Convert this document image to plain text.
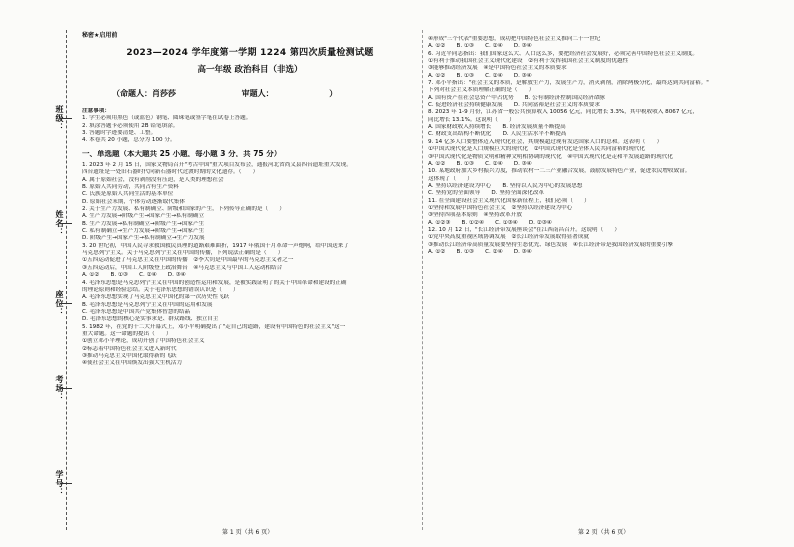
班级：
姓名：
座位：
考场：
学号：
秘密★启用前
2023—2024 学年度第一学期 1224 第四次质量检测试题
高一年级 政治科目（非选）
（命题人：肖莎莎	审题人：	）

注意事项：

1. 学生必须用黑色（或蓝色）钢笔、圆珠笔或签字笔在试卷上答题。

2. 填涂答题卡必须使用 2B 铅笔填涂。

3. 答题时字迹要清楚、工整。

4. 本卷共 20 小题，总分为 100 分。

一、单选题（本大题共 25 小题，每小题 3 分，共 75 分）

1. 2023 年 2 月 15 日，国家文物局召开"考古中国"重大项目发布会，通报河北省尚义县四台遗址重大发现。

四台遗址是一处旧石器时代向新石器时代过渡时期的文化遗存。（　　）

A. 属于原始社会，没有剥削没有压迫，是人类的理想社会

B. 原始人共同劳动，共同占有生产资料

C. 氏族是原始人共同生活的基本单位

D. 原始社会末期，个体劳动逐渐取代集体

2. 关于生产力发展、私有制确立、阶级和国家的产生，下列传导正确的是（　　）

A. 生产力发展→阶级产生→国家产生→私有制确立

B. 生产力发展→私有制确立→阶级产生→国家产生

C. 私有制确立→生产力发展→阶级产生→国家产生

D. 阶级产生→国家产生→私有制确立→生产力发展

3. 20 世纪初，中国人民寻求救国救民真理的道路艰难曲折，1917 年俄国十月革命一声炮响，给中国送来了

马克思列宁主义。关于马克思列宁主义在中国的传播，下列说法正确的是（　　）

①五四运动促进了马克思主义在中国的传播　②李大钊是中国最早的马克思主义者之一

③五四运动后，中国工人阶级登上政治舞台　④马克思主义与中国工人运动相结合

A. ①②　　B. ①③　　C. ②④　　D. ③④

4. 毛泽东思想是马克思列宁主义在中国的创造性运用和发展，是被实践证明了的关于中国革命和建设的正确

的理论原则和经验总结。关于毛泽东思想的错误认识是（　　）

A. 毛泽东思想实现了马克思主义中国化的第一次历史性飞跃

B. 毛泽东思想是马克思列宁主义在中国的运用和发展

C. 毛泽东思想是中国共产党集体智慧的结晶

D. 毛泽东思想的核心是实事求是、群众路线、独立自主

5. 1982 年，在党的十二大开幕式上，邓小平明确提出了"走自己的道路，建设有中国特色的社会主义"这一

重大命题。这一命题的提出（　　）

①创立邓小平理论，成功开创了中国特色社会主义

②标志着中国特色社会主义进入新时代

③推动马克思主义中国化取得新的飞跃

④使社会主义在中国焕发出强大生机活力

第 1 页（共 6 页）

④形成"三个代表"重要思想，成功把中国特色社会主义推向二十一世纪

A. ①②　　B. ①③　　C. ②④　　D. ③④

6. 习近平同志指出：我们国家这么大、人口这么多，要把经济社会发展好，必须完善中国特色社会主义制度。

①有利于推动我国社会主义现代化建设　②有利于发挥我国社会主义制度的优越性

③能够推动经济发展　④是中国特色社会主义的本质要求

A. ①②　　B. ①③　　C. ②④　　D. ③④

7. 邓小平指出："社会主义的本质，是解放生产力，发展生产力，消灭剥削，消除两极分化，最终达到共同富裕。"

下列对社会主义本质理解正确的是（　　）

A. 国有资产在社会总资产中占优势　　B. 公有制经济控制国民经济命脉

C. 促进经济社会持续健康发展　　D. 共同富裕是社会主义的本质要求

8. 2023 年 1-9 月份，江苏省一般公共预算收入 10056 亿元，同比增长 3.3%，其中税收收入 8067 亿元，

同比增长 13.1%。这说明（　　）

A. 国家财政收入持续增长　　B. 经济发展质量不断提高

C. 财政支出结构不断优化　　D. 人民生活水平不断提高

9. 14 亿多人口要整体迈入现代化社会，其规模超过现有发达国家人口的总和。这表明（　　）

①中国式现代化是人口规模巨大的现代化　②中国式现代化是全体人民共同富裕的现代化

③中国式现代化是物质文明和精神文明相协调的现代化　④中国式现代化是走和平发展道路的现代化

A. ①②　　B. ①③　　C. ②④　　D. ③④

10. 某地政府加大乡村振兴力度，推动农村一二三产业融合发展，鼓励发展特色产业，促进农民增收致富。

这体现了（　　）

A. 坚持以经济建设为中心　　B. 坚持以人民为中心的发展思想

C. 坚持党的全面领导　　D. 坚持全面深化改革

11. 在全面建设社会主义现代化国家新征程上，我们必须（　　）

①坚持和发展中国特色社会主义　②坚持以经济建设为中心

③坚持四项基本原则　④坚持改革开放

A. ①②③　　B. ①②④　　C. ①③④　　D. ②③④

12. 10 月 12 日，"长江经济带发展座谈会"在江西南昌召开。这说明（　　）

①党中央高度重视区域协调发展　②长江经济带发展取得显著成就

③推动长江经济带高质量发展要坚持生态优先、绿色发展　④长江经济带是我国经济发展的重要引擎

A. ①②　　B. ①③　　C. ②④　　D. ③④

第 2 页（共 6 页）
